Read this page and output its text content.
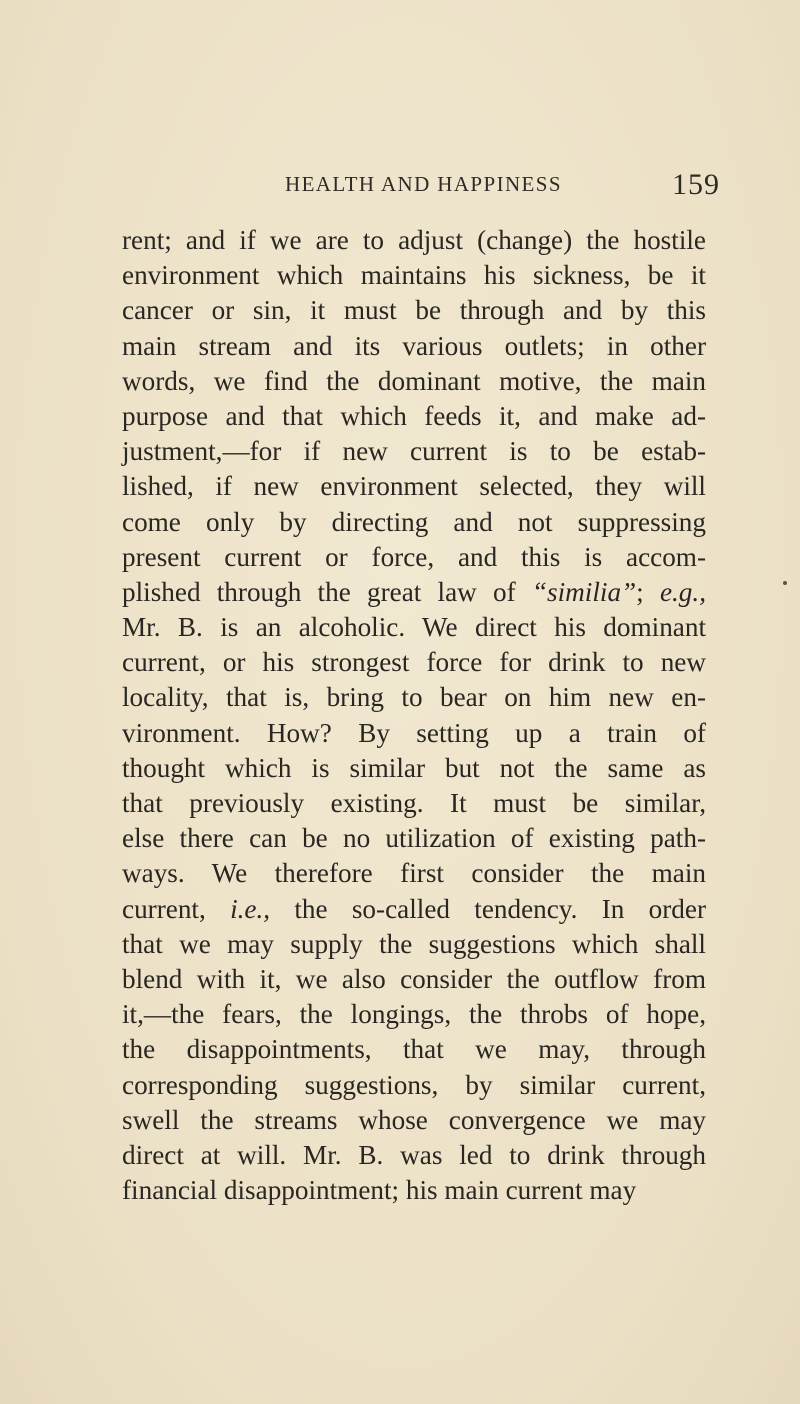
HEALTH AND HAPPINESS	159
rent; and if we are to adjust (change) the hostile
environment which maintains his sickness, be it
cancer or sin, it must be through and by this
main stream and its various outlets; in other
words, we find the dominant motive, the main
purpose and that which feeds it, and make ad-
justment,—for if new current is to be estab-
lished, if new environment selected, they will
come only by directing and not suppressing
present current or force, and this is accom-
plished through the great law of “similia”; e.g.,
Mr. B. is an alcoholic. We direct his dominant
current, or his strongest force for drink to new
locality, that is, bring to bear on him new en-
vironment. How? By setting up a train of
thought which is similar but not the same as
that previously existing. It must be similar,
else there can be no utilization of existing path-
ways. We therefore first consider the main
current, i.e., the so-called tendency. In order
that we may supply the suggestions which shall
blend with it, we also consider the outflow from
it,—the fears, the longings, the throbs of hope,
the disappointments, that we may, through
corresponding suggestions, by similar current,
swell the streams whose convergence we may
direct at will. Mr. B. was led to drink through
financial disappointment; his main current may
